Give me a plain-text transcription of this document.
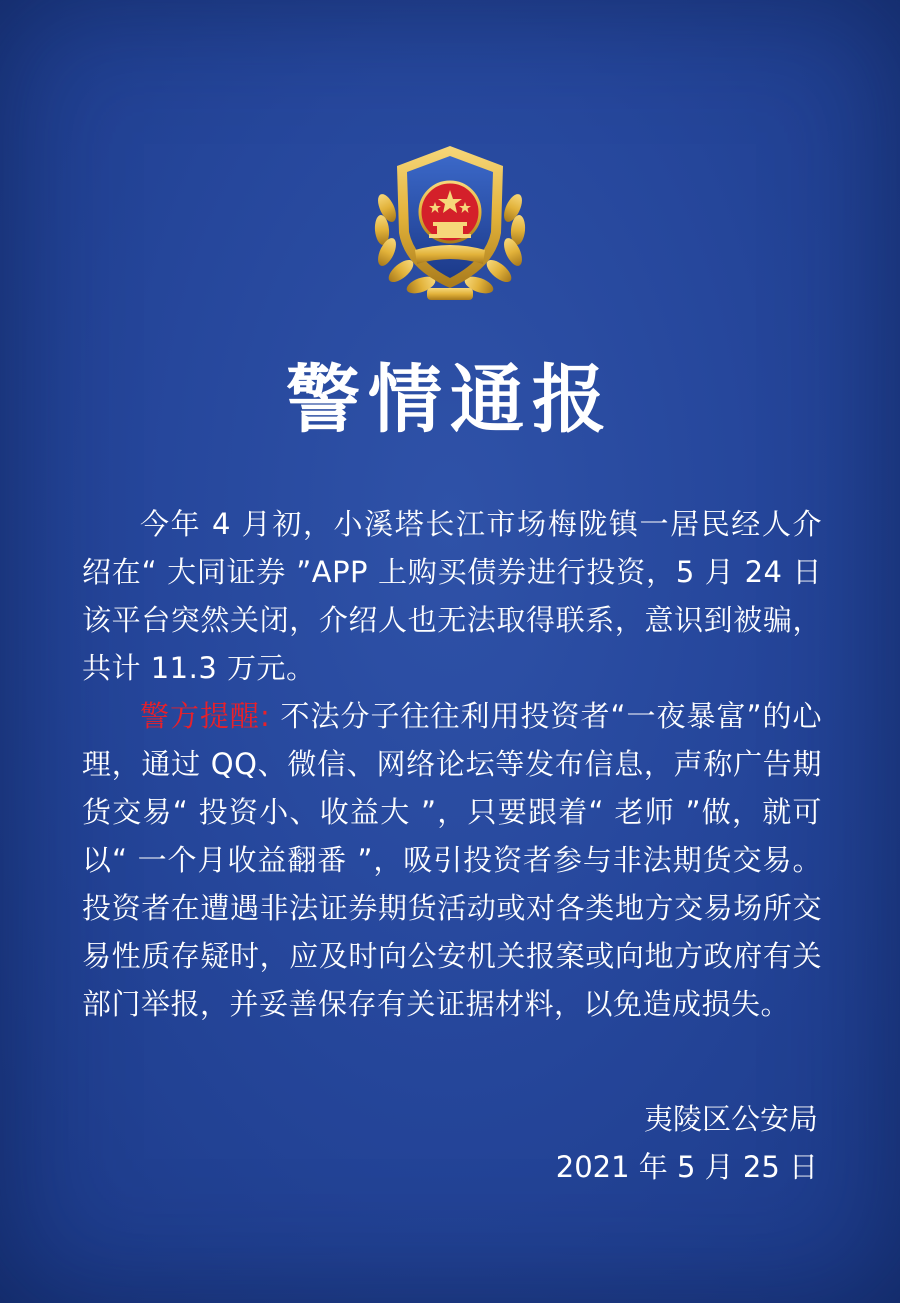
警情通报

今年 4 月初，小溪塔长江市场梅陇镇一居民经人介绍在“ 大同证券 ”APP 上购买债券进行投资，5 月 24 日该平台突然关闭，介绍人也无法取得联系，意识到被骗，共计 11.3 万元。

警方提醒: 不法分子往往利用投资者“一夜暴富”的心理，通过 QQ、微信、网络论坛等发布信息，声称广告期货交易“ 投资小、收益大 ”，只要跟着“ 老师 ”做，就可以“ 一个月收益翻番 ”，吸引投资者参与非法期货交易。投资者在遭遇非法证券期货活动或对各类地方交易场所交易性质存疑时，应及时向公安机关报案或向地方政府有关部门举报，并妥善保存有关证据材料，以免造成损失。

夷陵区公安局
2021 年 5 月 25 日
